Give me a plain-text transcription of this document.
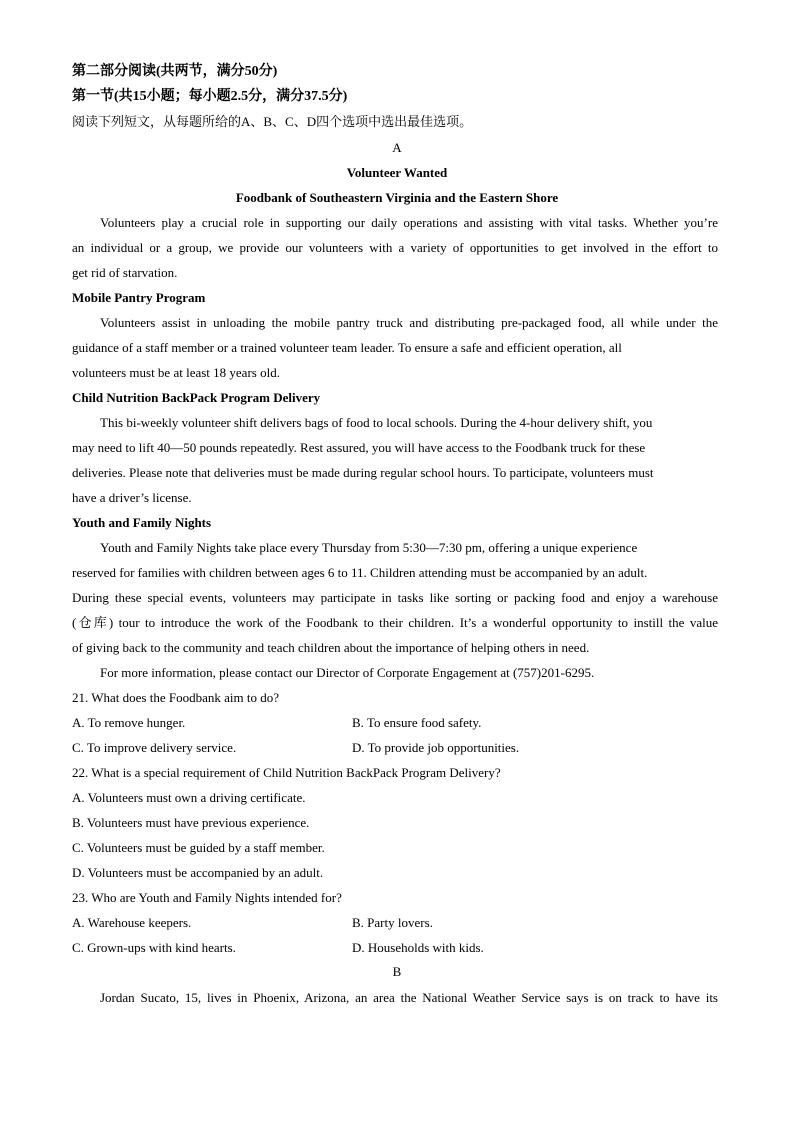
第二部分阅读(共两节，满分50分)
第一节(共15小题；每小题2.5分，满分37.5分)
阅读下列短文，从每题所给的A、B、C、D四个选项中选出最佳选项。
A
Volunteer Wanted
Foodbank of Southeastern Virginia and the Eastern Shore
Volunteers play a crucial role in supporting our daily operations and assisting with vital tasks. Whether you’re
an individual or a group, we provide our volunteers with a variety of opportunities to get involved in the effort to
get rid of starvation.
Mobile Pantry Program
Volunteers assist in unloading the mobile pantry truck and distributing pre-packaged food, all while under the
guidance of a staff member or a trained volunteer team leader. To ensure a safe and efficient operation, all
volunteers must be at least 18 years old.
Child Nutrition BackPack Program Delivery
This bi-weekly volunteer shift delivers bags of food to local schools. During the 4-hour delivery shift, you
may need to lift 40—50 pounds repeatedly. Rest assured, you will have access to the Foodbank truck for these
deliveries. Please note that deliveries must be made during regular school hours. To participate, volunteers must
have a driver’s license.
Youth and Family Nights
Youth and Family Nights take place every Thursday from 5:30—7:30 pm, offering a unique experience
reserved for families with children between ages 6 to 11. Children attending must be accompanied by an adult.
During these special events, volunteers may participate in tasks like sorting or packing food and enjoy a warehouse
(仓库) tour to introduce the work of the Foodbank to their children. It’s a wonderful opportunity to instill the value
of giving back to the community and teach children about the importance of helping others in need.
For more information, please contact our Director of Corporate Engagement at (757)201-6295.
21. What does the Foodbank aim to do?
A. To remove hunger.	B. To ensure food safety.
C. To improve delivery service.	D. To provide job opportunities.
22. What is a special requirement of Child Nutrition BackPack Program Delivery?
A. Volunteers must own a driving certificate.
B. Volunteers must have previous experience.
C. Volunteers must be guided by a staff member.
D. Volunteers must be accompanied by an adult.
23. Who are Youth and Family Nights intended for?
A. Warehouse keepers.	B. Party lovers.
C. Grown-ups with kind hearts.	D. Households with kids.
B
Jordan Sucato, 15, lives in Phoenix, Arizona, an area the National Weather Service says is on track to have its
